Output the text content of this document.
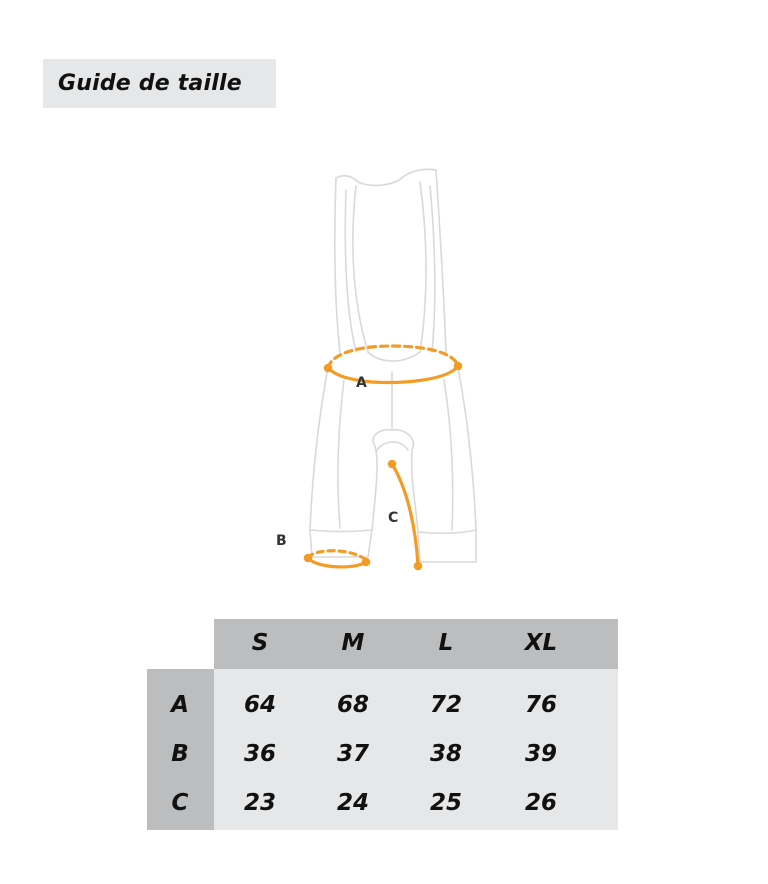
Guide de taille
A
B
C
S	M	L	XL
A 64	68	72	76
B 36	37	38	39
C 23	24	25	26
